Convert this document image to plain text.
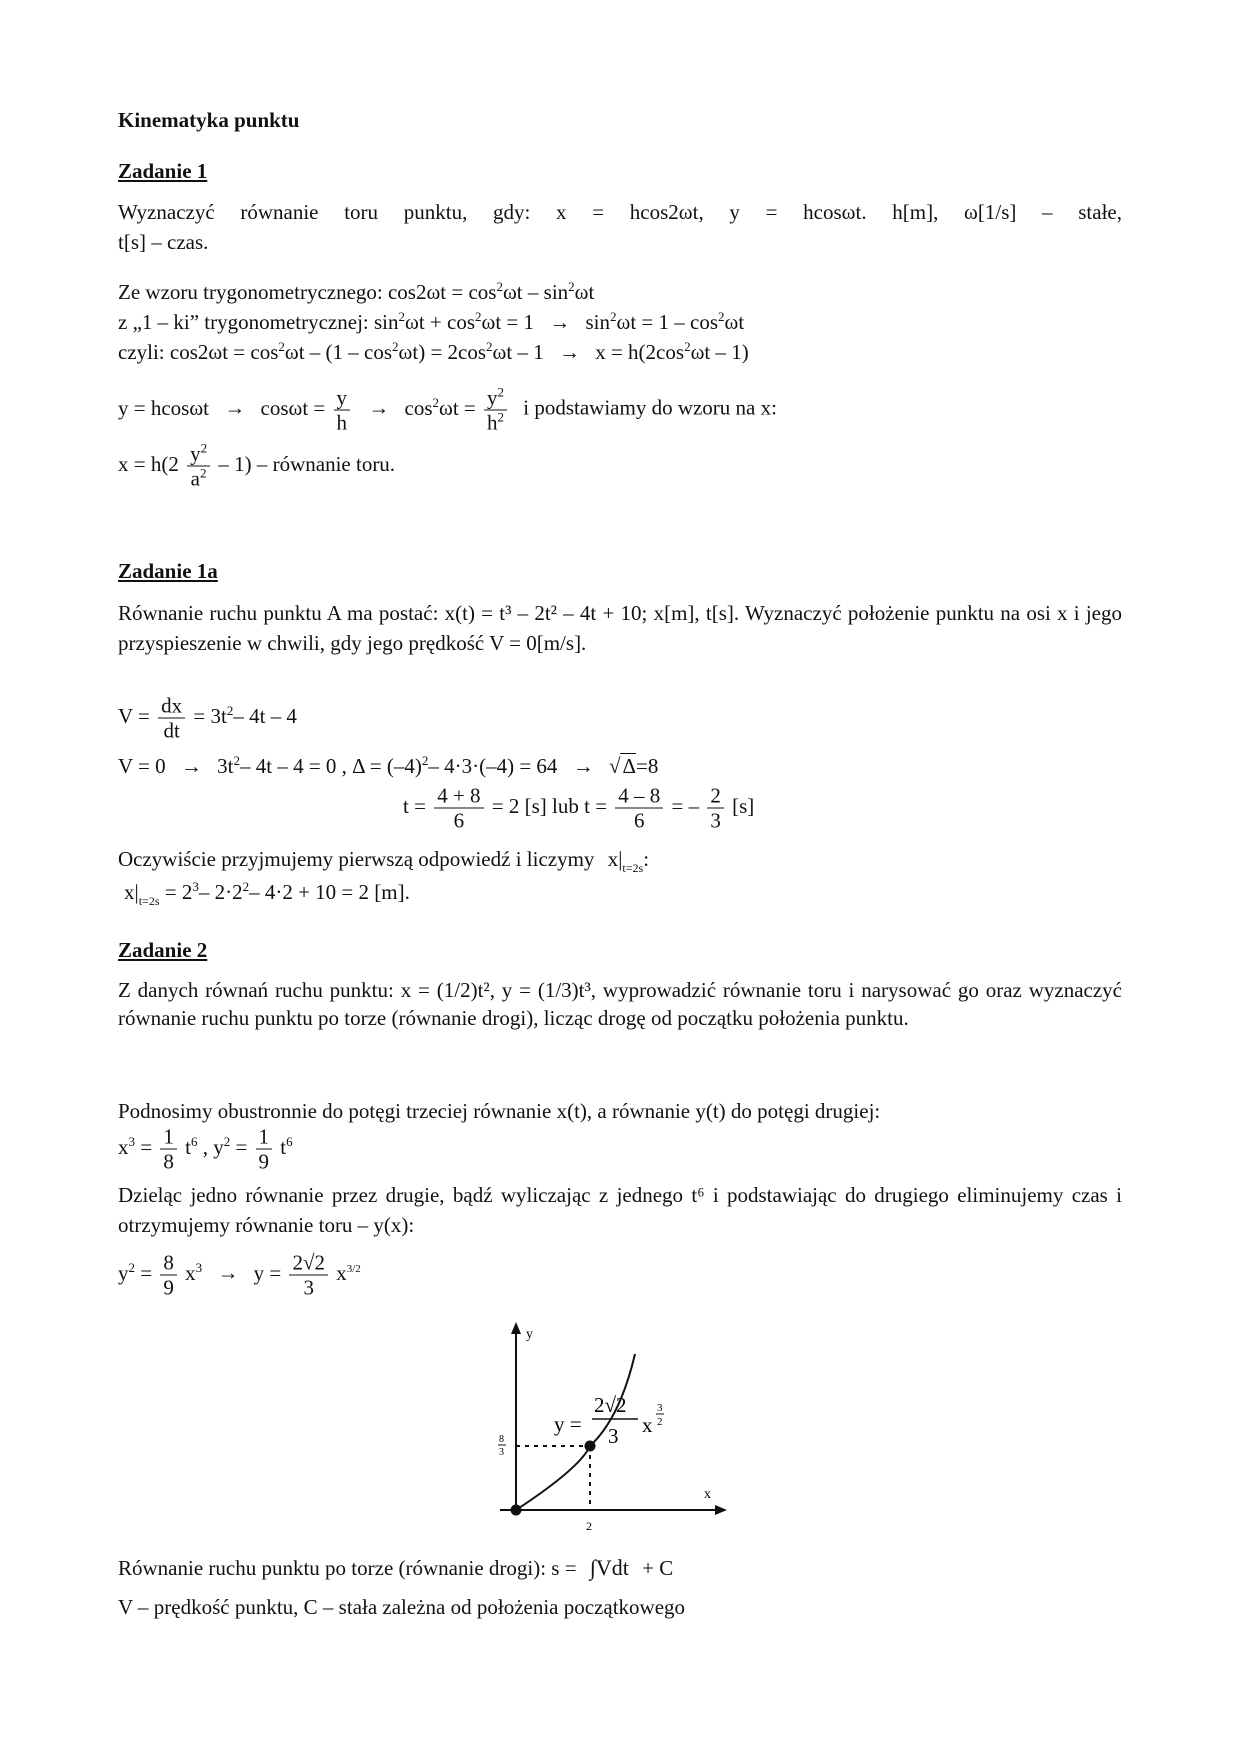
Kinematyka punktu
Zadanie 1
Wyznaczyć równanie toru punktu, gdy: x = hcos2ωt, y = hcosωt. h[m], ω[1/s] – stałe,
t[s] – czas.
Ze wzoru trygonometrycznego: $\cos 2\omega t = \cos^2\omega t - \sin^2\omega t$
z „1 – ki” trygonometrycznej: $\sin^2\omega t + \cos^2\omega t = 1 \to \sin^2\omega t = 1 - \cos^2\omega t$
czyli: $\cos 2\omega t = \cos^2\omega t - (1 - \cos^2\omega t) = 2\cos^2\omega t - 1 \to x = h(2\cos^2\omega t - 1)$
$y = hcos\omega t \to \cos\omega t = \frac{y}{h} \to \cos^2\omega t = \frac{y^2}{h^2}$ i podstawiamy do wzoru na x:
$x = h(2 \frac{y^2}{a^2} - 1)$ – równanie toru.
Zadanie 1a
Równanie ruchu punktu A ma postać: x(t) = t³ – 2t² – 4t + 10; x[m], t[s]. Wyznaczyć położenie punktu na osi x i jego przyspieszenie w chwili, gdy jego prędkość V = 0[m/s].
$V = \frac{dx}{dt} = 3t^2-$ 4t – 4
$V = 0 \to 3t^2-$ 4t – 4 = 0 , $\Delta = (-4)^2-$ 4·3·(–4) = 64 → √Δ=8
$t = \frac{4 + 8}{6} = 2$ [s] lub $t = \frac{4 - 8}{6}$ = – $\frac{2}{3} [s]$
Oczywiście przyjmujemy pierwszą odpowiedź i liczymy $x|_{t=2s}$:
$x|_{t=2s} = 2^3-$ $2\cdot 2^2-$ 4·2 + 10 = 2 [m].
Zadanie 2
Z danych równań ruchu punktu: x = (1/2)t², y = (1/3)t³, wyprowadzić równanie toru i narysować go oraz wyznaczyć równanie ruchu punktu po torze (równanie drogi), licząc drogę od początku położenia punktu.
Podnosimy obustronnie do potęgi trzeciej równanie x(t), a równanie y(t) do potęgi drugiej:
$x^3 = \frac{1}{8} t^6$ , $y^2 = \frac{1}{9} t^6$
Dzieląc jedno równanie przez drugie, bądź wyliczając z jednego t⁶ i podstawiając do drugiego eliminujemy czas i otrzymujemy równanie toru – y(x):
$y^2 = \frac{8}{9} x^3 \to y = \frac{2√2}{3} x^{3/2}$
y
x
2
8
3
y =
2√2
3 x
3
2
Równanie ruchu punktu po torze (równanie drogi): s = ∫Vdt + C
V – prędkość punktu, C – stała zależna od położenia początkowego
